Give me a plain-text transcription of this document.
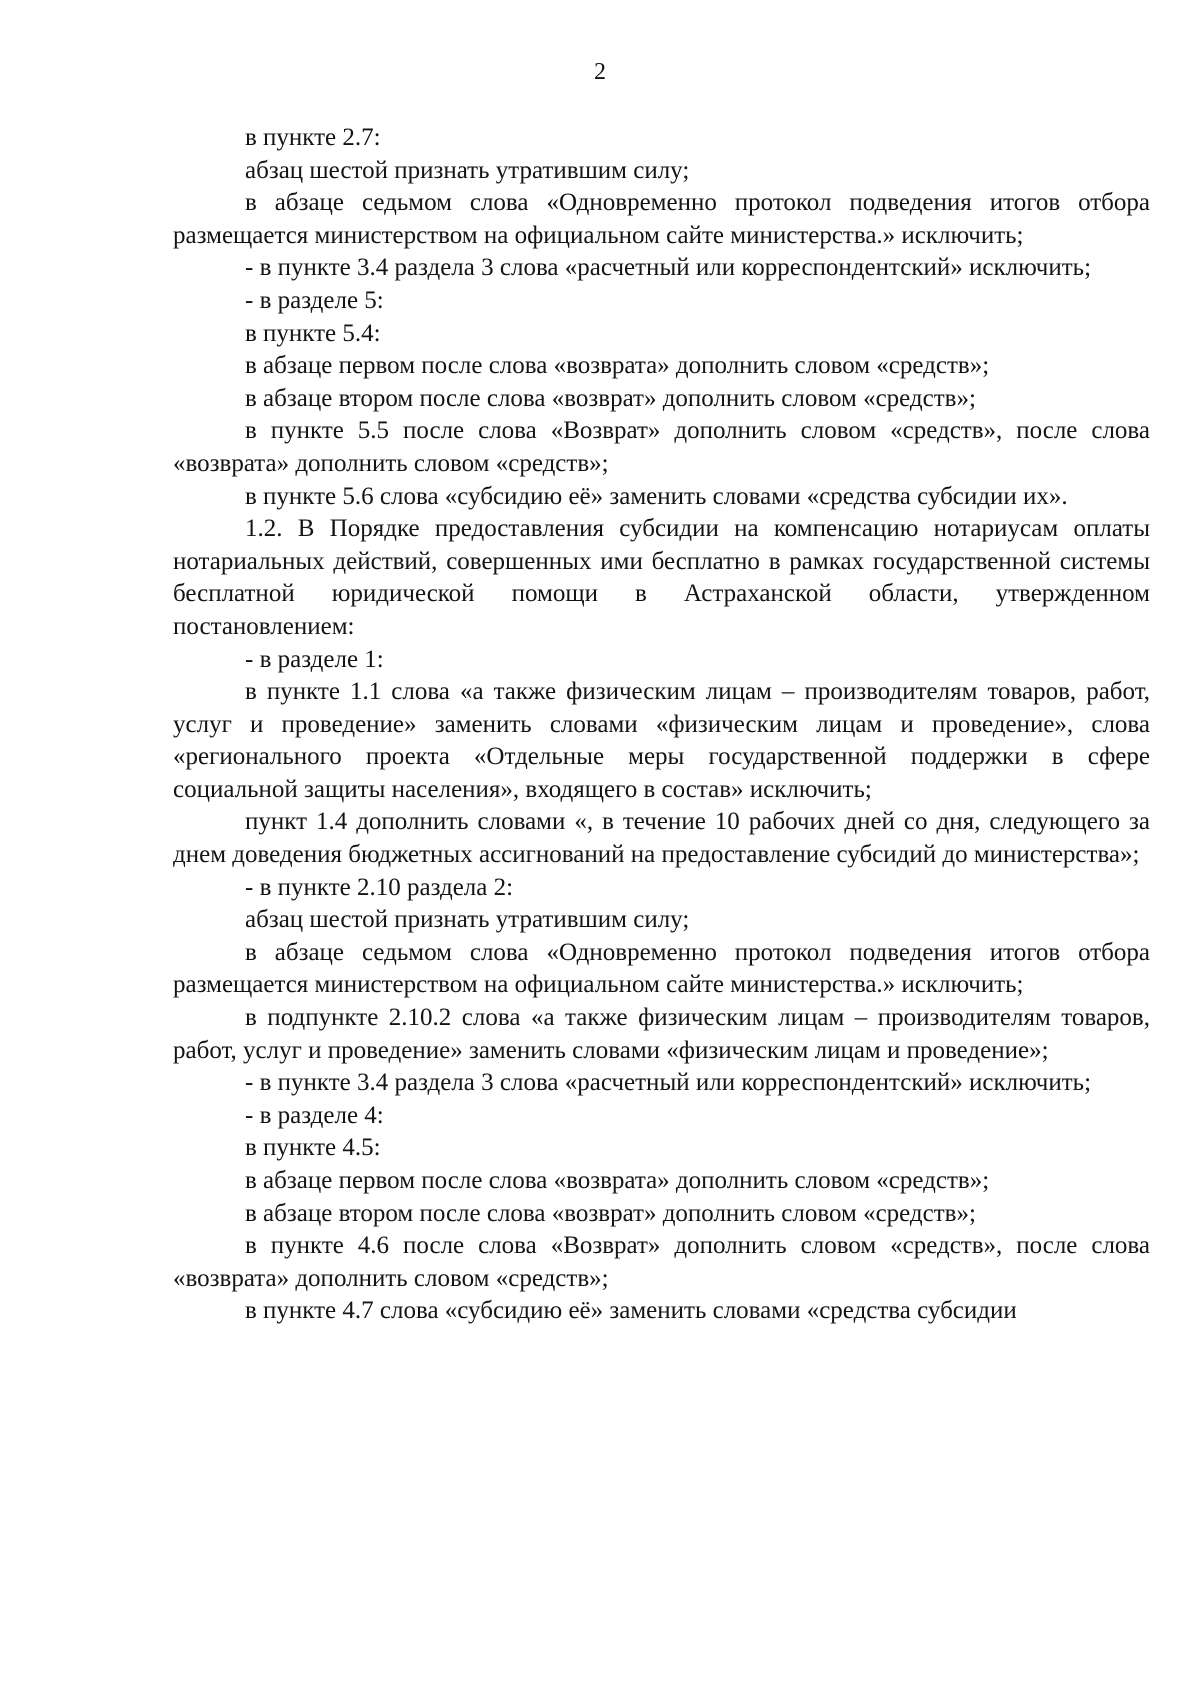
2

в пункте 2.7:

абзац шестой признать утратившим силу;

в абзаце седьмом слова «Одновременно протокол подведения итогов отбора размещается министерством на официальном сайте министерства.» исключить;

- в пункте 3.4 раздела 3 слова «расчетный или корреспондентский» исключить;

- в разделе 5:

в пункте 5.4:

в абзаце первом после слова «возврата» дополнить словом «средств»;

в абзаце втором после слова «возврат» дополнить словом «средств»;

в пункте 5.5 после слова «Возврат» дополнить словом «средств», после слова «возврата» дополнить словом «средств»;

в пункте 5.6 слова «субсидию её» заменить словами «средства субсидии их».

1.2. В Порядке предоставления субсидии на компенсацию нотариусам оплаты нотариальных действий, совершенных ими бесплатно в рамках государственной системы бесплатной юридической помощи в Астраханской области, утвержденном постановлением:

- в разделе 1:

в пункте 1.1 слова «а также физическим лицам – производителям товаров, работ, услуг и проведение» заменить словами «физическим лицам и проведение», слова «регионального проекта «Отдельные меры государственной поддержки в сфере социальной защиты населения», входящего в состав» исключить;

пункт 1.4 дополнить словами «, в течение 10 рабочих дней со дня, следующего за днем доведения бюджетных ассигнований на предоставление субсидий до министерства»;

- в пункте 2.10 раздела 2:

абзац шестой признать утратившим силу;

в абзаце седьмом слова «Одновременно протокол подведения итогов отбора размещается министерством на официальном сайте министерства.» исключить;

в подпункте 2.10.2 слова «а также физическим лицам – производителям товаров, работ, услуг и проведение» заменить словами «физическим лицам и проведение»;

- в пункте 3.4 раздела 3 слова «расчетный или корреспондентский» исключить;

- в разделе 4:

в пункте 4.5:

в абзаце первом после слова «возврата» дополнить словом «средств»;

в абзаце втором после слова «возврат» дополнить словом «средств»;

в пункте 4.6 после слова «Возврат» дополнить словом «средств», после слова «возврата» дополнить словом «средств»;

в пункте 4.7 слова «субсидию её» заменить словами «средства субсидии
